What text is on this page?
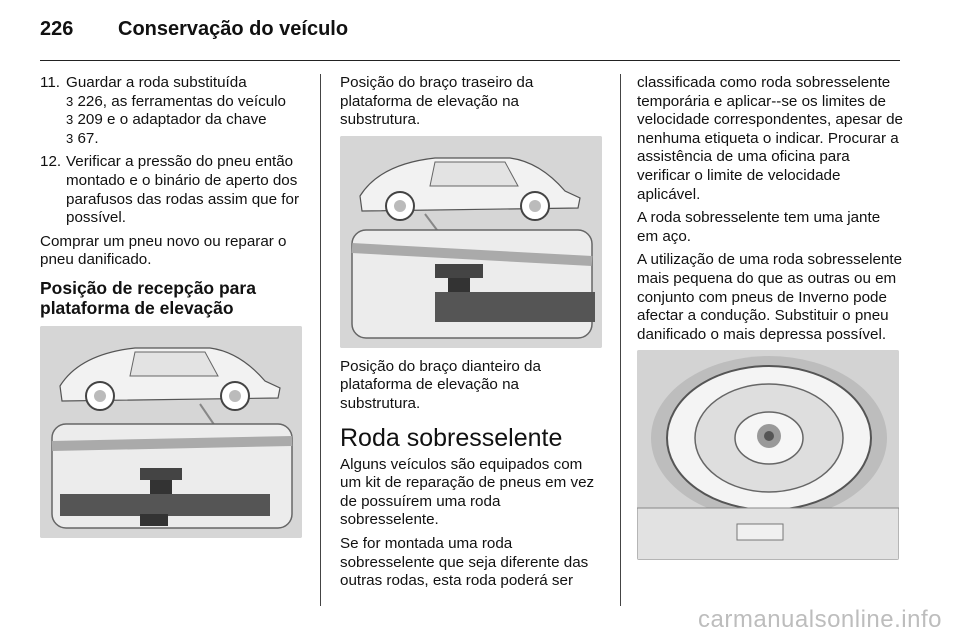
226 Conservação do veículo
11. Guardar a roda substituída
3 226, as ferramentas do veículo
3 209 e o adaptador da chave
3 67.
12. Verificar a pressão do pneu então montado e o binário de aperto dos parafusos das rodas assim que for possível.

Comprar um pneu novo ou reparar o pneu danificado.

Posição de recepção para plataforma de elevação

Posição do braço traseiro da plataforma de elevação na substrutura.

Posição do braço dianteiro da plataforma de elevação na substrutura.

Roda sobresselente

Alguns veículos são equipados com um kit de reparação de pneus em vez de possuírem uma roda sobresselente.

Se for montada uma roda sobresselente que seja diferente das outras rodas, esta roda poderá ser

classificada como roda sobresselente temporária e aplicar--se os limites de velocidade correspondentes, apesar de nenhuma etiqueta o indicar. Procurar a assistência de uma oficina para verificar o limite de velocidade aplicável.

A roda sobresselente tem uma jante em aço.

A utilização de uma roda sobresselente mais pequena do que as outras ou em conjunto com pneus de Inverno pode afectar a condução. Substituir o pneu danificado o mais depressa possível.

carmanualsonline.info
